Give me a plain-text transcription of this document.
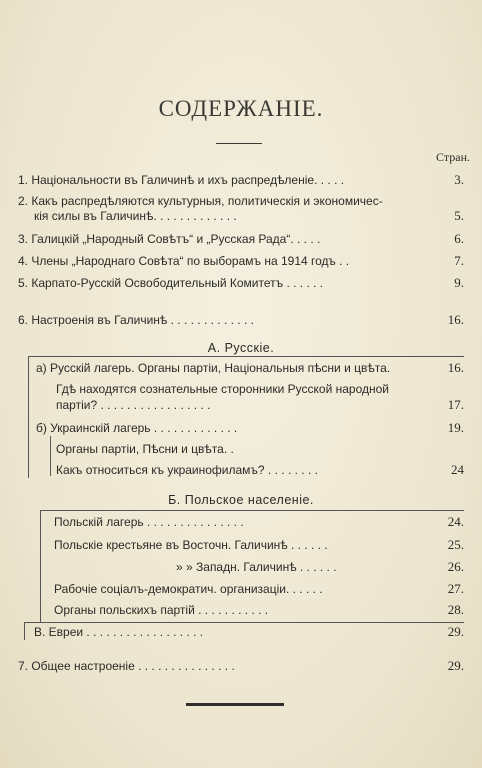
СОДЕРЖАНІЕ.
Стран.
1. Національности въ Галичинѣ и ихъ распредѣленіе. . . . .	3.
2. Какъ распредѣляются культурныя, политическія и экономичес-
кія силы въ Галичинѣ. . . . . . . . . . . . .	5.
3. Галицкій „Народный Совѣтъ“ и „Русская Рада“. . . . .	6.
4. Члены „Народнаго Совѣта“ по выборамъ на 1914 годъ . .	7.
5. Карпато-Русскій Освободительный Комитетъ . . . . . .	9.
6. Настроенія въ Галичинѣ . . . . . . . . . . . . .	16.
А. Русскіе.
а) Русскій лагерь. Органы партіи, Національныя пѣсни и цвѣта.	16.
Гдѣ находятся сознательные сторонники Русской народной
партіи? . . . . . . . . . . . . . . . . .	17.
б) Украинскій лагерь . . . . . . . . . . . . .	19.
Органы партіи, Пѣсни и цвѣта. .
Какъ относиться къ украинофиламъ? . . . . . . . .	24
Б. Польское населеніе.
Польскій лагерь . . . . . . . . . . . . . . .	24.
Польскіе крестьяне въ Восточн. Галичинѣ . . . . . .	25.
» » Западн. Галичинѣ . . . . . .	26.
Рабочіе соціалъ-демократич. организаціи. . . . . .	27.
Органы польскихъ партій . . . . . . . . . . .	28.
В. Евреи . . . . . . . . . . . . . . . . . .	29.
7. Общее настроеніе . . . . . . . . . . . . . . .	29.
